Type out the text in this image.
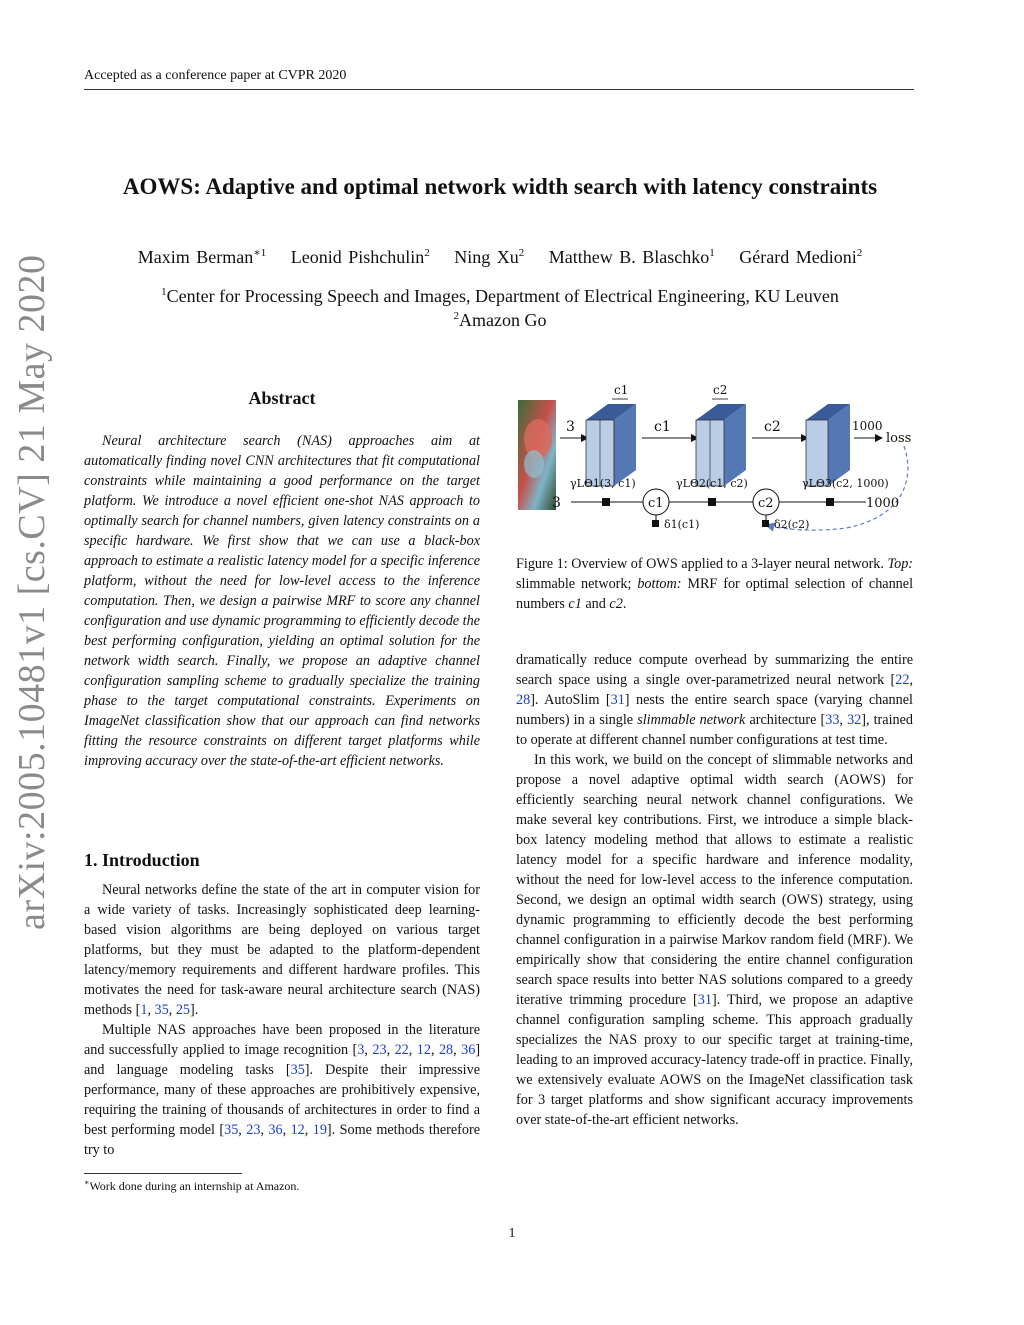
Accepted as a conference paper at CVPR 2020
arXiv:2005.10481v1 [cs.CV] 21 May 2020
AOWS: Adaptive and optimal network width search with latency constraints
Maxim Berman$^{∗1}$ Leonid Pishchulin$^2$ Ning Xu$^2$ Matthew B. Blaschko$^1$ Gérard Medioni$^2$
$^1$Center for Processing Speech and Images, Department of Electrical Engineering, KU Leuven
$^2$Amazon Go
Abstract

Neural architecture search (NAS) approaches aim at automatically finding novel CNN architectures that fit computational constraints while maintaining a good performance on the target platform. We introduce a novel efficient one-shot NAS approach to optimally search for channel numbers, given latency constraints on a specific hardware. We first show that we can use a black-box approach to estimate a realistic latency model for a specific inference platform, without the need for low-level access to the inference computation. Then, we design a pairwise MRF to score any channel configuration and use dynamic programming to efficiently decode the best performing configuration, yielding an optimal solution for the network width search. Finally, we propose an adaptive channel configuration sampling scheme to gradually specialize the training phase to the target computational constraints. Experiments on ImageNet classification show that our approach can find networks fitting the resource constraints on different target platforms while improving accuracy over the state-of-the-art efficient networks.

1. Introduction

Neural networks define the state of the art in computer vision for a wide variety of tasks. Increasingly sophisticated deep learning-based vision algorithms are being deployed on various target platforms, but they must be adapted to the platform-dependent latency/memory requirements and different hardware profiles. This motivates the need for task-aware neural architecture search (NAS) methods [1, 35, 25].

Multiple NAS approaches have been proposed in the literature and successfully applied to image recognition [3, 23, 22, 12, 28, 36] and language modeling tasks [35]. Despite their impressive performance, many of these approaches are prohibitively expensive, requiring the training of thousands of architectures in order to find a best performing model [35, 23, 36, 12, 19]. Some methods therefore try to

3
c1
c1
c2
c2	1000
loss
3	1000
γLΘ1(3, c1)	γLΘ2(c1, c2)	γLΘ3(c2, 1000)
c1	c2
δ1(c1)	δ2(c2)

Figure 1: Overview of OWS applied to a 3-layer neural network. Top: slimmable network; bottom: MRF for optimal selection of channel numbers c1 and c2.

dramatically reduce compute overhead by summarizing the entire search space using a single over-parametrized neural network [22, 28]. AutoSlim [31] nests the entire search space (varying channel numbers) in a single slimmable network architecture [33, 32], trained to operate at different channel number configurations at test time.

In this work, we build on the concept of slimmable networks and propose a novel adaptive optimal width search (AOWS) for efficiently searching neural network channel configurations. We make several key contributions. First, we introduce a simple black-box latency modeling method that allows to estimate a realistic latency model for a specific hardware and inference modality, without the need for low-level access to the inference computation. Second, we design an optimal width search (OWS) strategy, using dynamic programming to efficiently decode the best performing channel configuration in a pairwise Markov random field (MRF). We empirically show that considering the entire channel configuration search space results into better NAS solutions compared to a greedy iterative trimming procedure [31]. Third, we propose an adaptive channel configuration sampling scheme. This approach gradually specializes the NAS proxy to our specific target at training-time, leading to an improved accuracy-latency trade-off in practice. Finally, we extensively evaluate AOWS on the ImageNet classification task for 3 target platforms and show significant accuracy improvements over state-of-the-art efficient networks.

∗Work done during an internship at Amazon.
1
